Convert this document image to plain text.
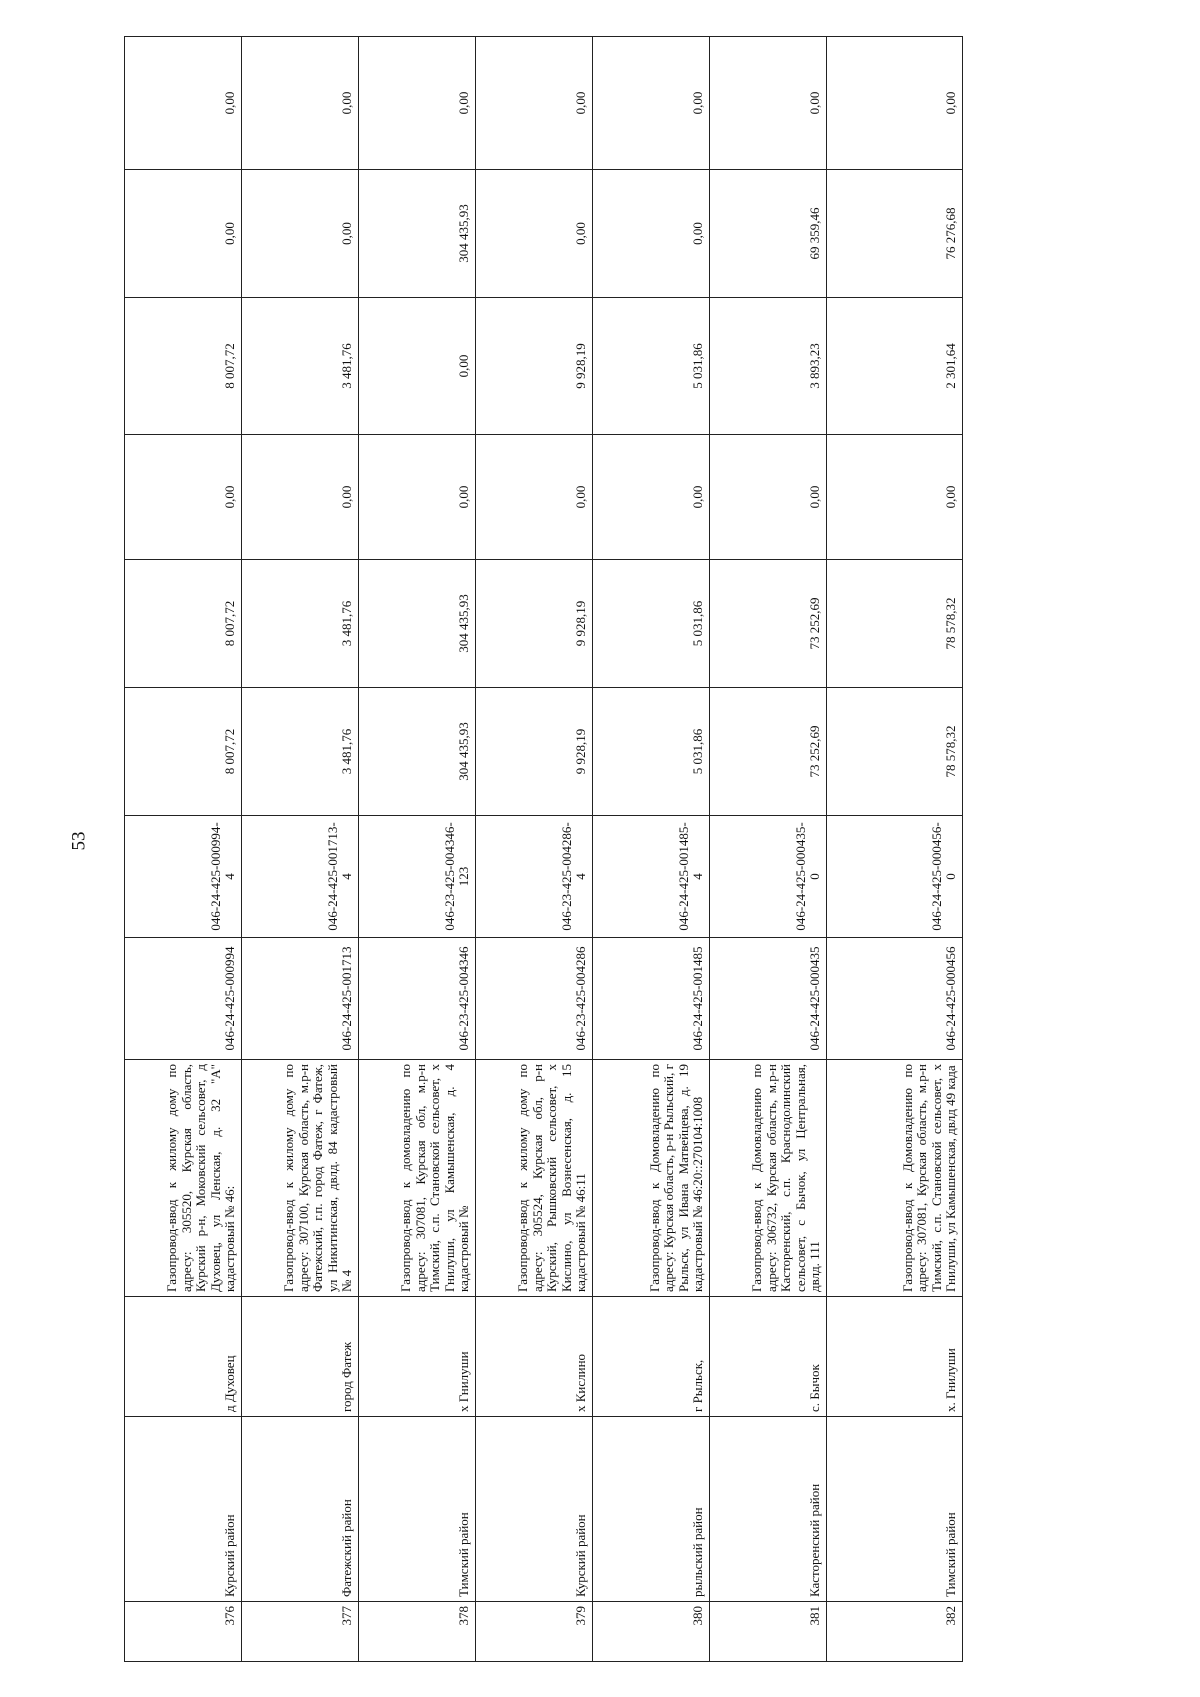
53
376	Курский район	д Духовец	Газопровод-ввод к жилому дому по адресу: 305520, Курская область, Курский р-н, Моковский сельсовет, д Духовец, ул Ленская, д. 32 "А" кадастровый № 46:	046-24-425-000994	046-24-425-000994-4	8 007,72	8 007,72	0,00	8 007,72	0,00	0,00
377	Фатежский район	город Фатеж	Газопровод-ввод к жилому дому по адресу: 307100, Курская область, м.р-н Фатежский, г.п. город Фатеж, г Фатеж, ул Никитинская, двлд. 84 кадастровый № 4	046-24-425-001713	046-24-425-001713-4	3 481,76	3 481,76	0,00	3 481,76	0,00	0,00
378	Тимский район	х Гнилуши	Газопровод-ввод к домовладению по адресу: 307081, Курская обл, м.р-н Тимский, с.п. Становской сельсовет, х Гнилуши, ул Камышенская, д. 4 кадастровый №	046-23-425-004346	046-23-425-004346-123	304 435,93	304 435,93	0,00	0,00	304 435,93	0,00
379	Курский район	х Кислино	Газопровод-ввод к жилому дому по адресу: 305524, Курская обл, р-н Курский, Рышковский сельсовет, х Кислино, ул Вознесенская, д. 15 кадастровый № 46:11	046-23-425-004286	046-23-425-004286-4	9 928,19	9 928,19	0,00	9 928,19	0,00	0,00
380	рыльский район	г Рыльск,	Газопровод-ввод к Домовладению по адресу: Курская область, р-н Рыльский, г Рыльск, ул Ивана Матвейцева, д. 19 кадастровый № 46:20::270104:1008	046-24-425-001485	046-24-425-001485-4	5 031,86	5 031,86	0,00	5 031,86	0,00	0,00
381	Касторенский район	с. Бычок	Газопровод-ввод к Домовладению по адресу: 306732, Курская область, м.р-н Касторенский, с.п. Краснодолинский сельсовет, с Бычок, ул Центральная, двлд. 111	046-24-425-000435	046-24-425-000435-0	73 252,69	73 252,69	0,00	3 893,23	69 359,46	0,00
382	Тимский район	х. Гнилуши	Газопровод-ввод к Домовладению по адресу: 307081, Курская область, м.р-н Тимский, с.п. Становской сельсовет, х Гнилуши, ул Камышенская, двлд 49 када	046-24-425-000456	046-24-425-000456-0	78 578,32	78 578,32	0,00	2 301,64	76 276,68	0,00
